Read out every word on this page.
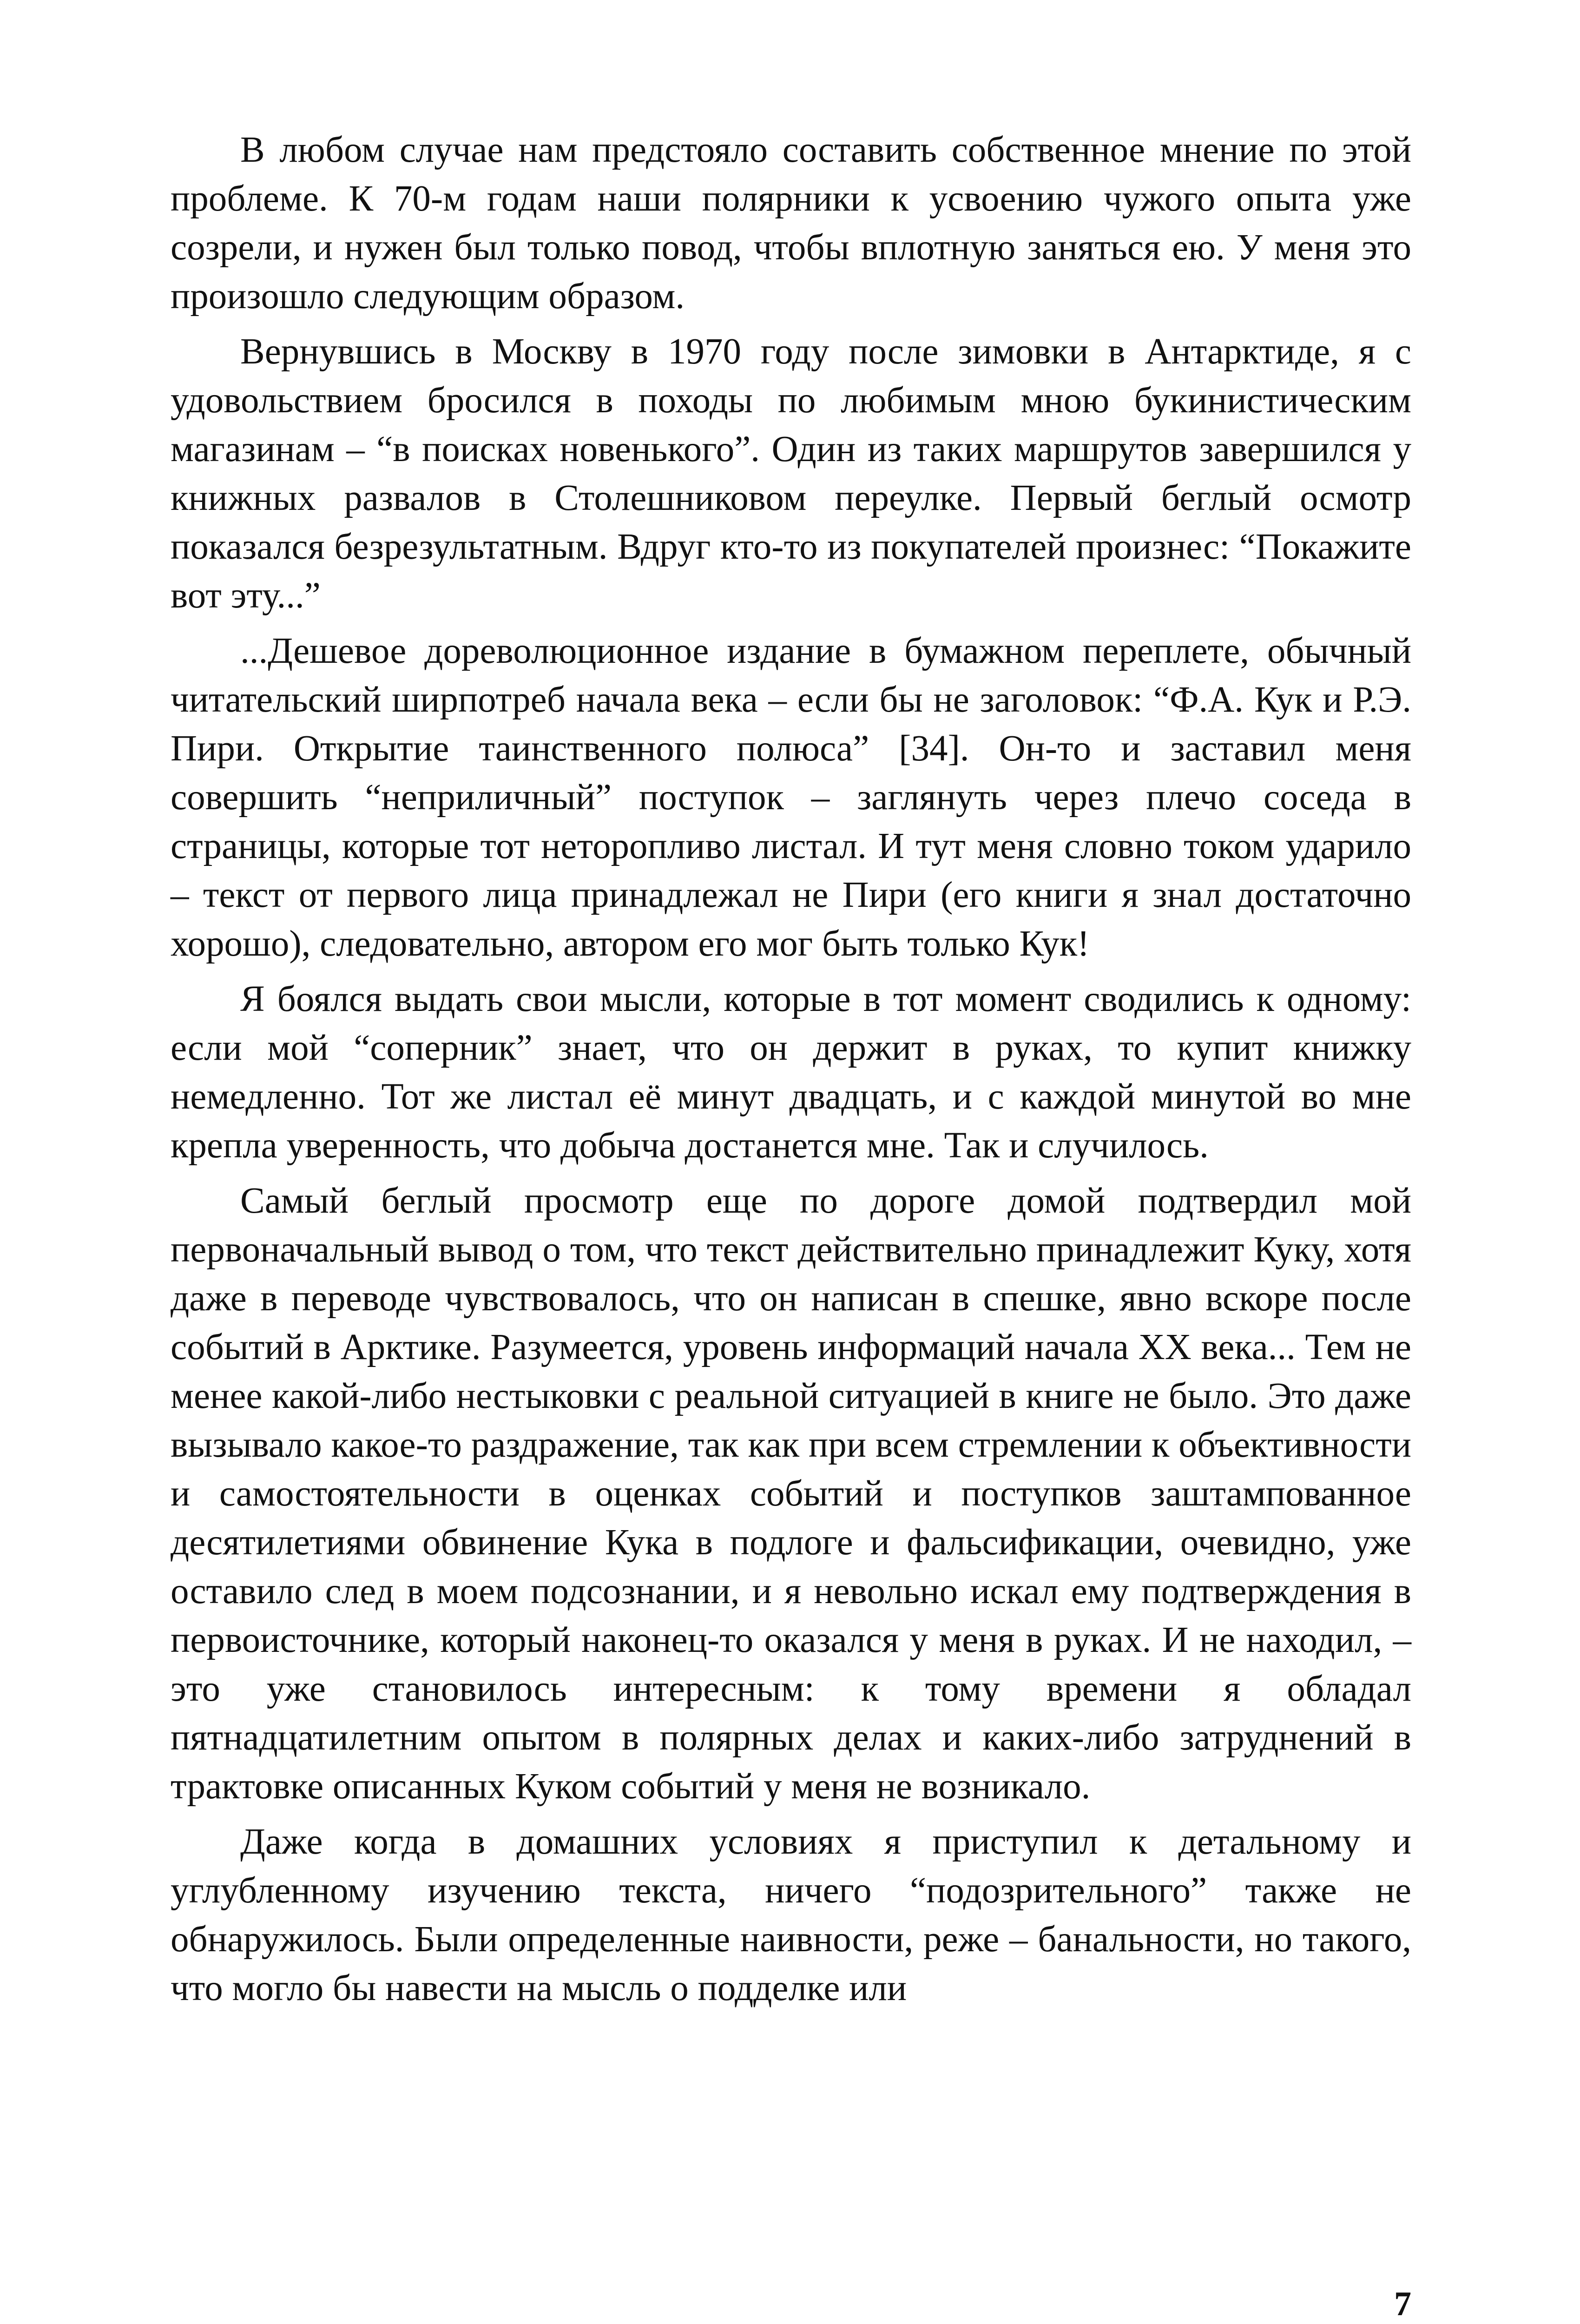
В любом случае нам предстояло составить собственное мнение по этой проблеме. К 70-м годам наши полярники к усвоению чужого опыта уже созрели, и нужен был только повод, чтобы вплотную заняться ею. У меня это произошло следующим образом.

Вернувшись в Москву в 1970 году после зимовки в Антарктиде, я с удовольствием бросился в походы по любимым мною букинистическим магазинам – “в поисках новенького”. Один из таких маршрутов завершился у книжных развалов в Столешниковом переулке. Первый беглый осмотр показался безрезультатным. Вдруг кто-то из покупателей произнес: “Покажите вот эту...”

...Дешевое дореволюционное издание в бумажном переплете, обычный читательский ширпотреб начала века – если бы не заголовок: “Ф.А. Кук и Р.Э. Пири. Открытие таинственного полюса” [34]. Он-то и заставил меня совершить “неприличный” поступок – заглянуть через плечо соседа в страницы, которые тот неторопливо листал. И тут меня словно током ударило – текст от первого лица принадлежал не Пири (его книги я знал достаточно хорошо), следовательно, автором его мог быть только Кук!

Я боялся выдать свои мысли, которые в тот момент сводились к одному: если мой “соперник” знает, что он держит в руках, то купит книжку немедленно. Тот же листал её минут двадцать, и с каждой минутой во мне крепла уверенность, что добыча достанется мне. Так и случилось.

Самый беглый просмотр еще по дороге домой подтвердил мой первоначальный вывод о том, что текст действительно принадлежит Куку, хотя даже в переводе чувствовалось, что он написан в спешке, явно вскоре после событий в Арктике. Разумеется, уровень информаций начала XX века... Тем не менее какой-либо нестыковки с реальной ситуацией в книге не было. Это даже вызывало какое-то раздражение, так как при всем стремлении к объективности и самостоятельности в оценках событий и поступков заштампованное десятилетиями обвинение Кука в подлоге и фальсификации, очевидно, уже оставило след в моем подсознании, и я невольно искал ему подтверждения в первоисточнике, который наконец-то оказался у меня в руках. И не находил, – это уже становилось интересным: к тому времени я обладал пятнадцатилетним опытом в полярных делах и каких-либо затруднений в трактовке описанных Куком событий у меня не возникало.

Даже когда в домашних условиях я приступил к детальному и углубленному изучению текста, ничего “подозрительного” также не обнаружилось. Были определенные наивности, реже – банальности, но такого, что могло бы навести на мысль о подделке или

7
